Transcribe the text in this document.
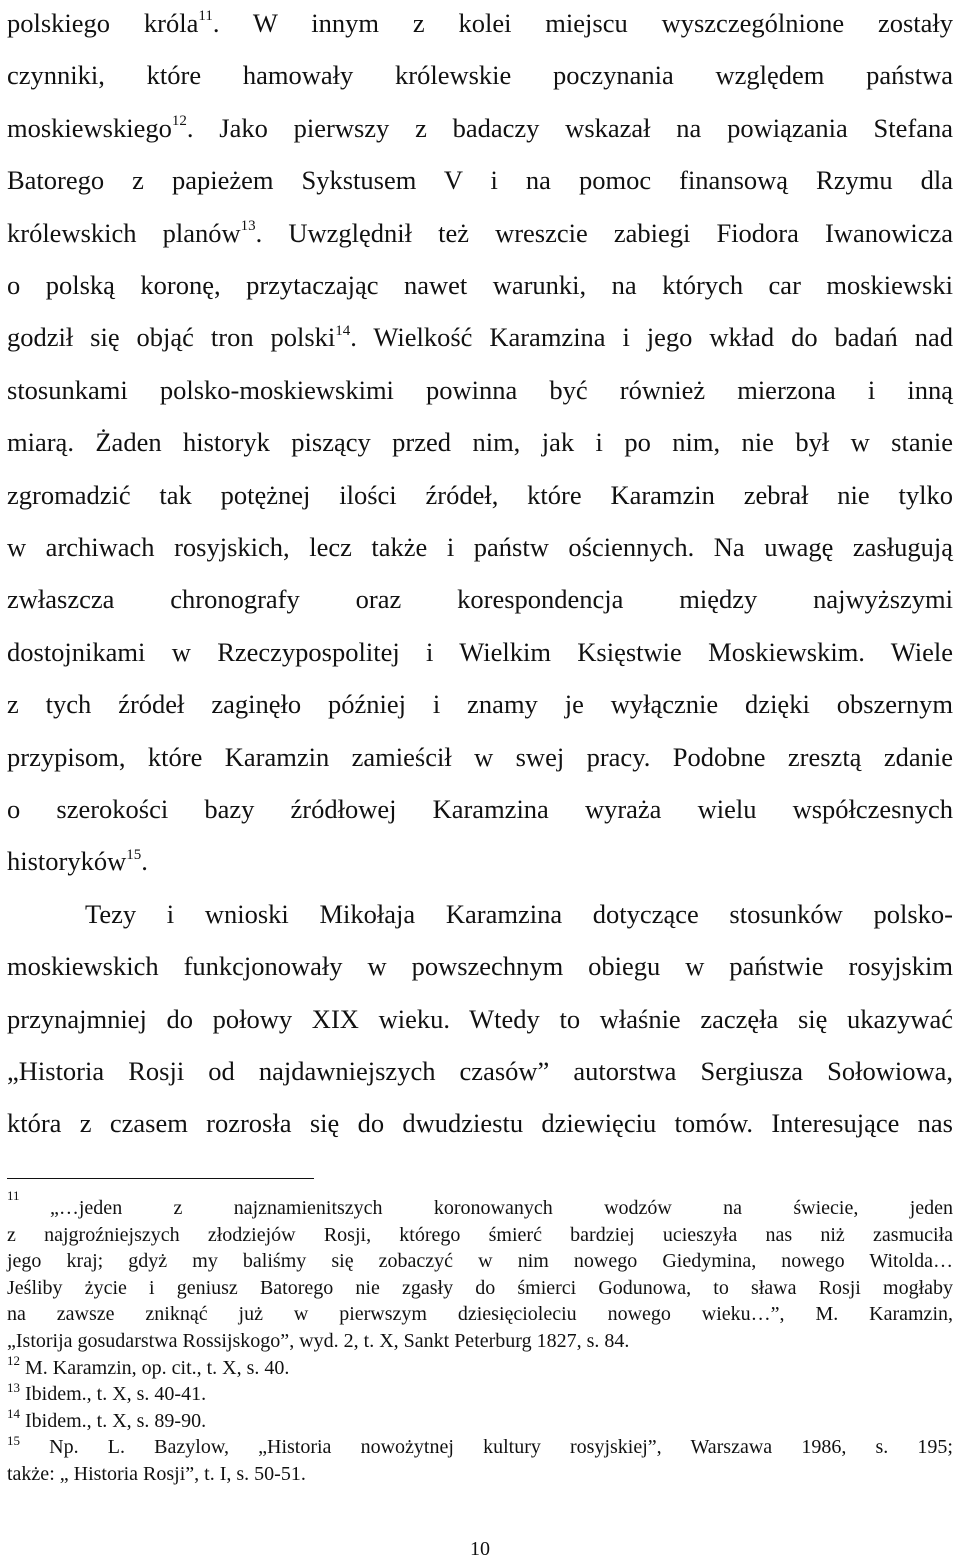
polskiego króla$^{11}$. W innym z kolei miejscu wyszczególnione zostały
czynniki, które hamowały królewskie poczynania względem państwa
moskiewskiego$^{12}$. Jako pierwszy z badaczy wskazał na powiązania Stefana
Batorego z papieżem Sykstusem V i na pomoc finansową Rzymu dla
królewskich planów$^{13}$. Uwzględnił też wreszcie zabiegi Fiodora Iwanowicza
o polską koronę, przytaczając nawet warunki, na których car moskiewski
godził się objąć tron polski$^{14}$. Wielkość Karamzina i jego wkład do badań nad
stosunkami polsko-moskiewskimi powinna być również mierzona i inną
miarą. Żaden historyk piszący przed nim, jak i po nim, nie był w stanie
zgromadzić tak potężnej ilości źródeł, które Karamzin zebrał nie tylko
w archiwach rosyjskich, lecz także i państw ościennych. Na uwagę zasługują
zwłaszcza chronografy oraz korespondencja między najwyższymi
dostojnikami w Rzeczypospolitej i Wielkim Księstwie Moskiewskim. Wiele
z tych źródeł zaginęło później i znamy je wyłącznie dzięki obszernym
przypisom, które Karamzin zamieścił w swej pracy. Podobne zresztą zdanie
o szerokości bazy źródłowej Karamzina wyraża wielu współczesnych
historyków$^{15}$.
Tezy i wnioski Mikołaja Karamzina dotyczące stosunków polsko-
moskiewskich funkcjonowały w powszechnym obiegu w państwie rosyjskim
przynajmniej do połowy XIX wieku. Wtedy to właśnie zaczęła się ukazywać
„Historia Rosji od najdawniejszych czasów” autorstwa Sergiusza Sołowiowa,
która z czasem rozrosła się do dwudziestu dziewięciu tomów. Interesujące nas
11
„…jeden z najznamienitszych koronowanych wodzów na świecie, jeden
z najgroźniejszych złodziejów Rosji, którego śmierć bardziej ucieszyła nas niż zasmuciła
jego kraj; gdyż my baliśmy się zobaczyć w nim nowego Giedymina, nowego Witolda…
Jeśliby życie i geniusz Batorego nie zgasły do śmierci Godunowa, to sława Rosji mogłaby
na zawsze zniknąć już w pierwszym dziesięcioleciu nowego wieku…”, M. Karamzin,
„Istorija gosudarstwa Rossijskogo”, wyd. 2, t. X, Sankt Peterburg 1827, s. 84.
$^{12}$ M. Karamzin, op. cit., t. X, s. 40.
$^{13}$ Ibidem., t. X, s. 40-41.
$^{14}$ Ibidem., t. X, s. 89-90.
$^{15}$ Np. L. Bazylow, „Historia nowożytnej kultury rosyjskiej”, Warszawa 1986, s. 195;
także: „ Historia Rosji”, t. I, s. 50-51.
10
